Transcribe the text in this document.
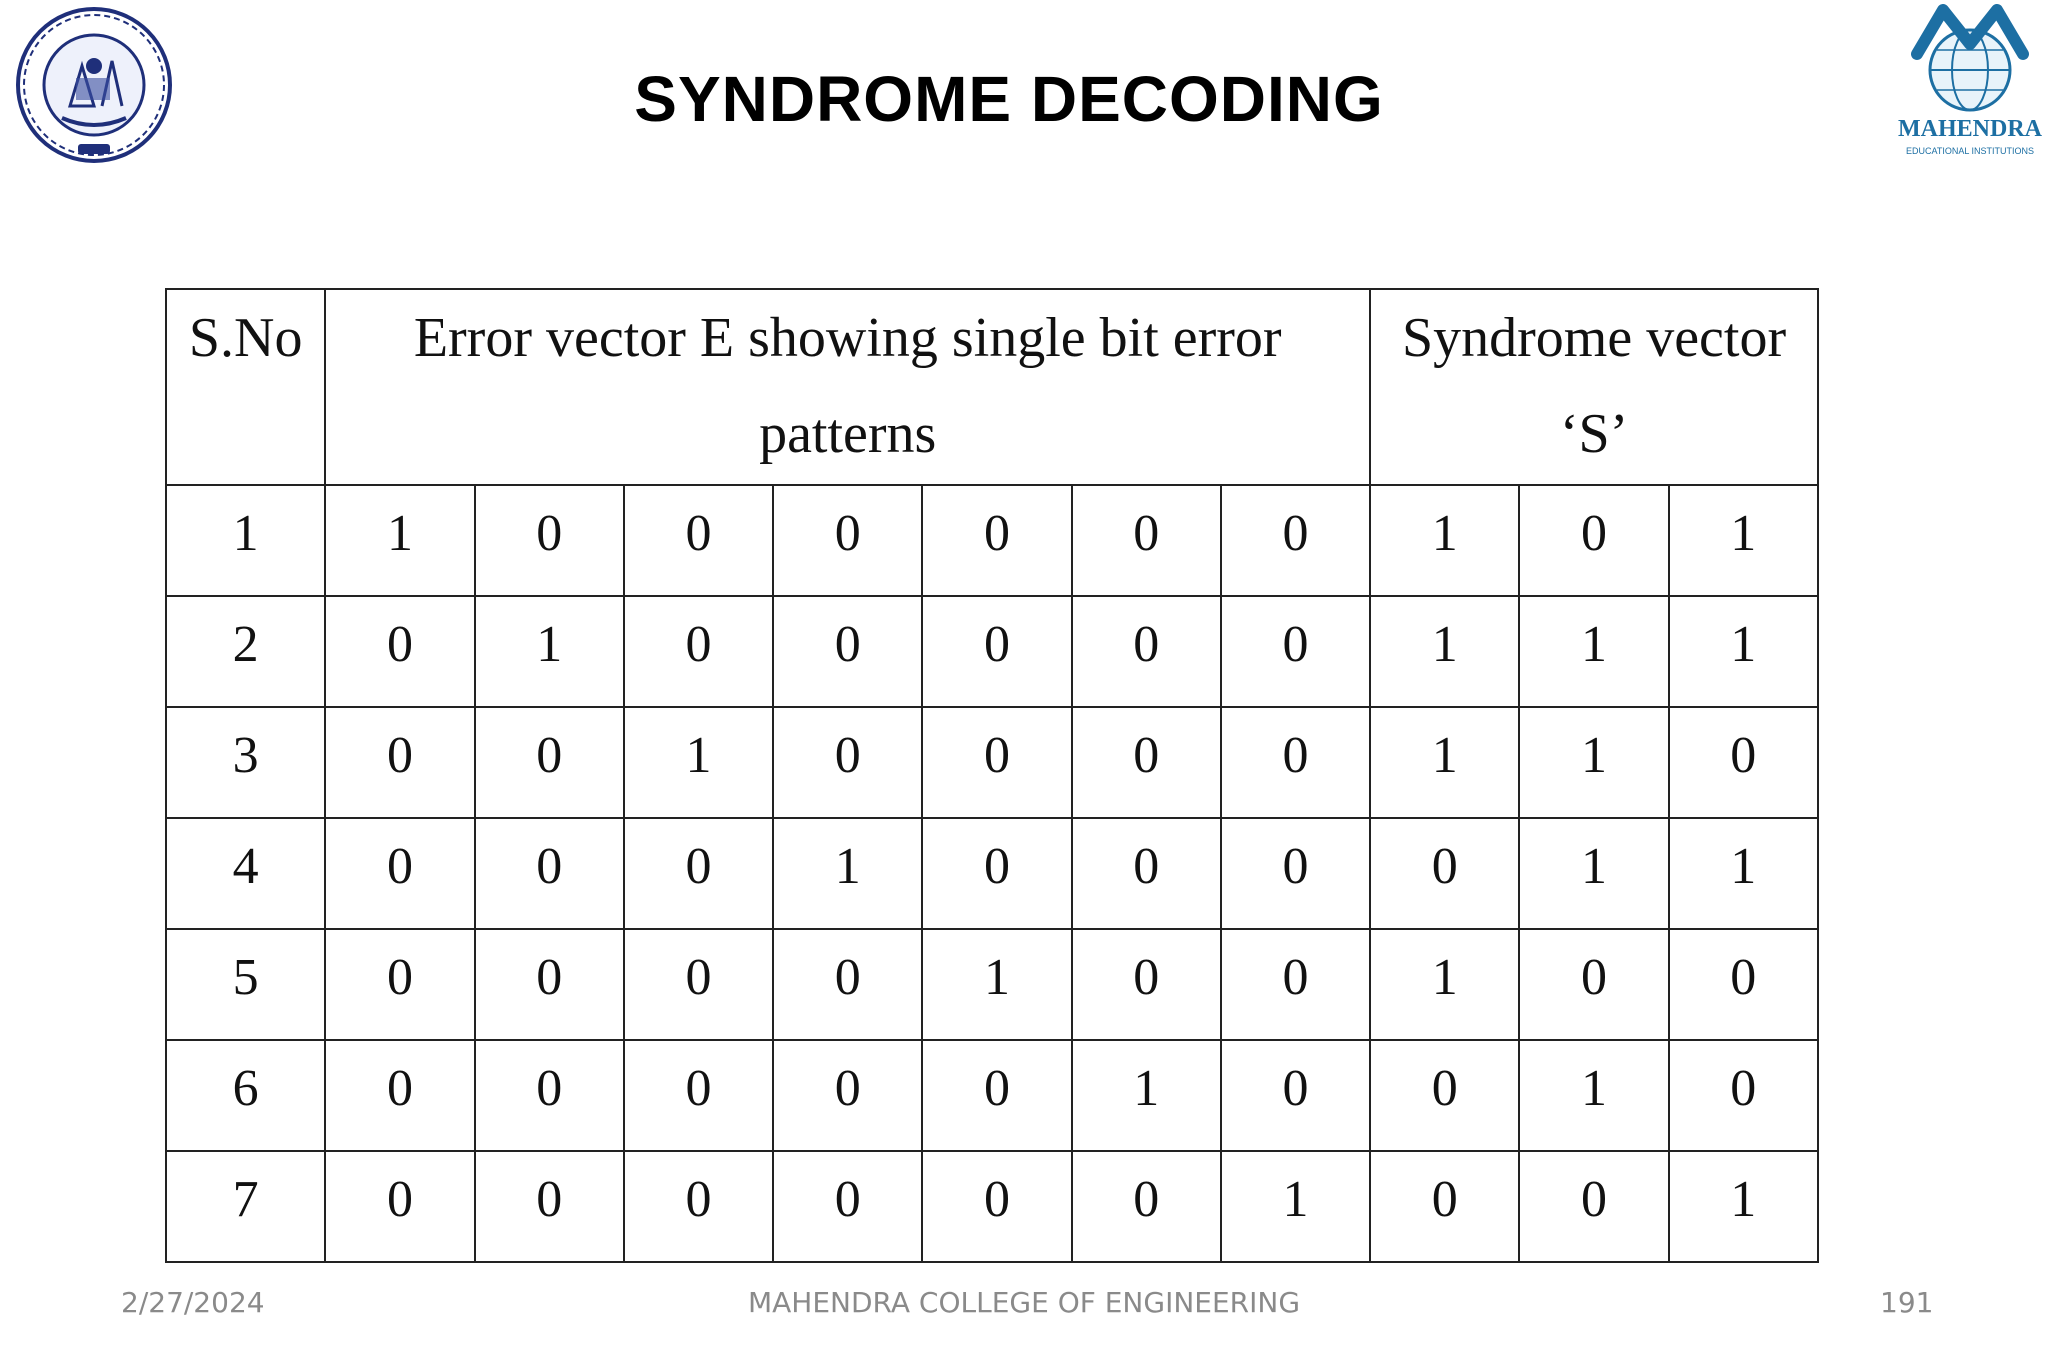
SYNDROME DECODING	MAHENDRA
EDUCATIONAL INSTITUTIONS
S.No	Error vector E showing single bit error patterns							Syndrome vector ‘S’		
1	1	0	0	0	0	0	0	1	0	1
2	0	1	0	0	0	0	0	1	1	1
3	0	0	1	0	0	0	0	1	1	0
4	0	0	0	1	0	0	0	0	1	1
5	0	0	0	0	1	0	0	1	0	0
6	0	0	0	0	0	1	0	0	1	0
7	0	0	0	0	0	0	1	0	0	1
2/27/2024	MAHENDRA COLLEGE OF ENGINEERING	191
